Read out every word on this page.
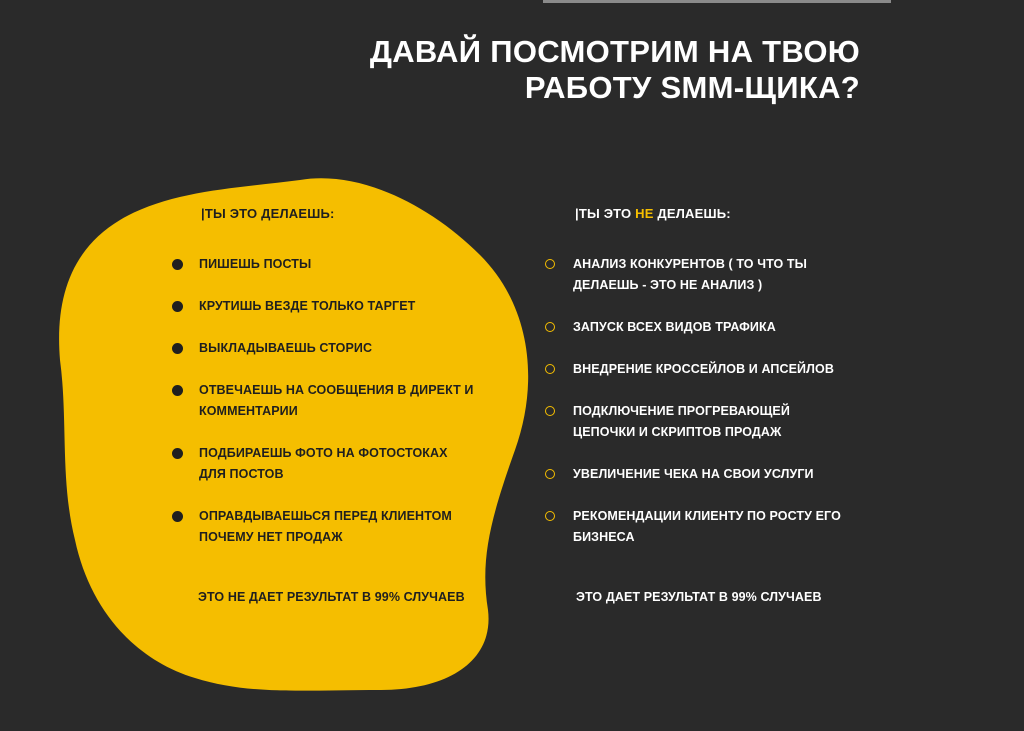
ДАВАЙ ПОСМОТРИМ НА ТВОЮ
РАБОТУ SMM-ЩИКА?
|ТЫ ЭТО ДЕЛАЕШЬ:	|ТЫ ЭТО НЕ ДЕЛАЕШЬ:
ПИШЕШЬ ПОСТЫ
КРУТИШЬ ВЕЗДЕ ТОЛЬКО ТАРГЕТ
ВЫКЛАДЫВАЕШЬ СТОРИС
ОТВЕЧАЕШЬ НА СООБЩЕНИЯ В ДИРЕКТ И
КОММЕНТАРИИ
ПОДБИРАЕШЬ ФОТО НА ФОТОСТОКАХ
ДЛЯ ПОСТОВ
ОПРАВДЫВАЕШЬСЯ ПЕРЕД КЛИЕНТОМ
ПОЧЕМУ НЕТ ПРОДАЖ
АНАЛИЗ КОНКУРЕНТОВ ( ТО ЧТО ТЫ
ДЕЛАЕШЬ - ЭТО НЕ АНАЛИЗ )
ЗАПУСК ВСЕХ ВИДОВ ТРАФИКА
ВНЕДРЕНИЕ КРОССЕЙЛОВ И АПСЕЙЛОВ
ПОДКЛЮЧЕНИЕ ПРОГРЕВАЮЩЕЙ
ЦЕПОЧКИ И СКРИПТОВ ПРОДАЖ
УВЕЛИЧЕНИЕ ЧЕКА НА СВОИ УСЛУГИ
РЕКОМЕНДАЦИИ КЛИЕНТУ ПО РОСТУ ЕГО
БИЗНЕСА
ЭТО НЕ ДАЕТ РЕЗУЛЬТАТ В 99% СЛУЧАЕВ	ЭТО ДАЕТ РЕЗУЛЬТАТ В 99% СЛУЧАЕВ
